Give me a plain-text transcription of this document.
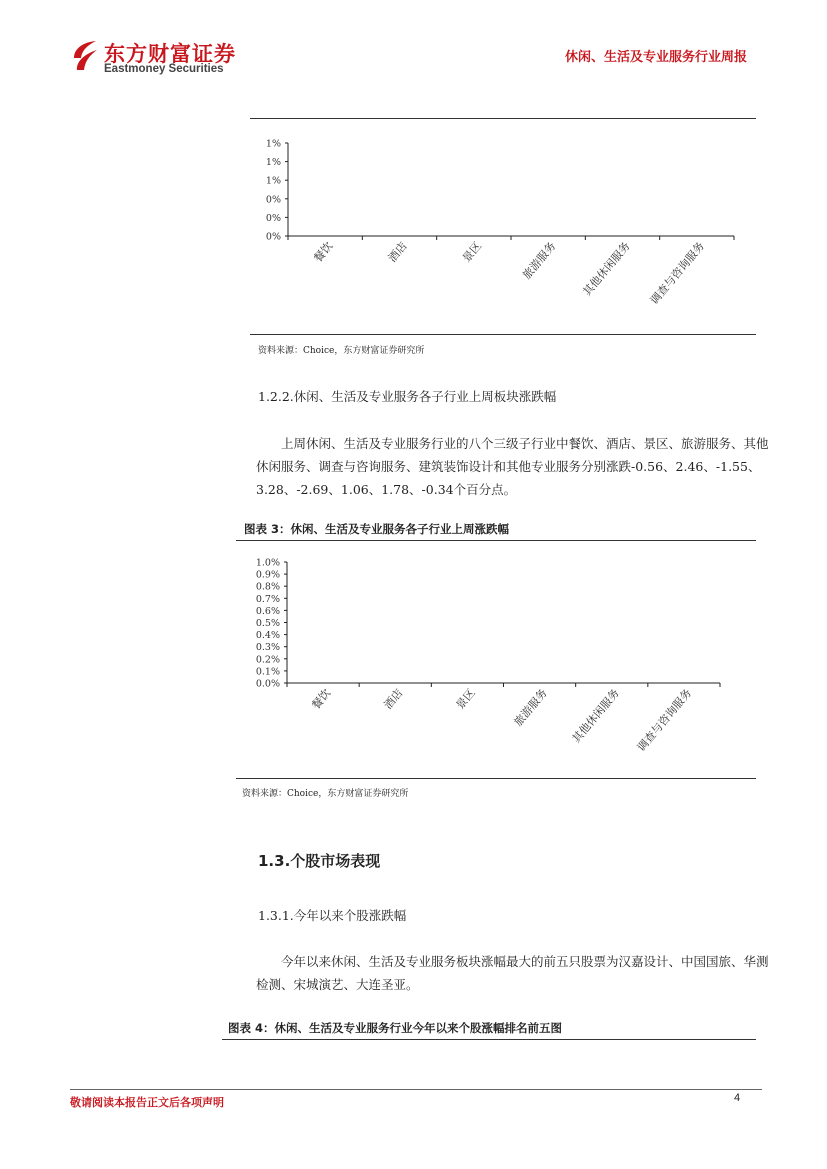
东方财富证券
Eastmoney Securities
休闲、生活及专业服务行业周报
0%
0%
0%
1%
1%
1%
餐饮	酒店	景区	旅游服务 其他休闲服务 调查与咨询服务
资料来源：Choice，东方财富证券研究所
1.2.2.休闲、生活及专业服务各子行业上周板块涨跌幅
上周休闲、生活及专业服务行业的八个三级子行业中餐饮、酒店、景区、旅游服务、其他休闲服务、调查与咨询服务、建筑装饰设计和其他专业服务分别涨跌-0.56、2.46、-1.55、3.28、-2.69、1.06、1.78、-0.34个百分点。
图表 3：休闲、生活及专业服务各子行业上周涨跌幅
0.0%
0.1%
0.2%
0.3%
0.4%
0.5%
0.6%
0.7%
0.8%
0.9%
1.0%
餐饮	酒店	景区	旅游服务 其他休闲服务 调查与咨询服务
资料来源：Choice，东方财富证券研究所
1.3.个股市场表现
1.3.1.今年以来个股涨跌幅
今年以来休闲、生活及专业服务板块涨幅最大的前五只股票为汉嘉设计、中国国旅、华测检测、宋城演艺、大连圣亚。
图表 4：休闲、生活及专业服务行业今年以来个股涨幅排名前五图
敬请阅读本报告正文后各项声明	4
